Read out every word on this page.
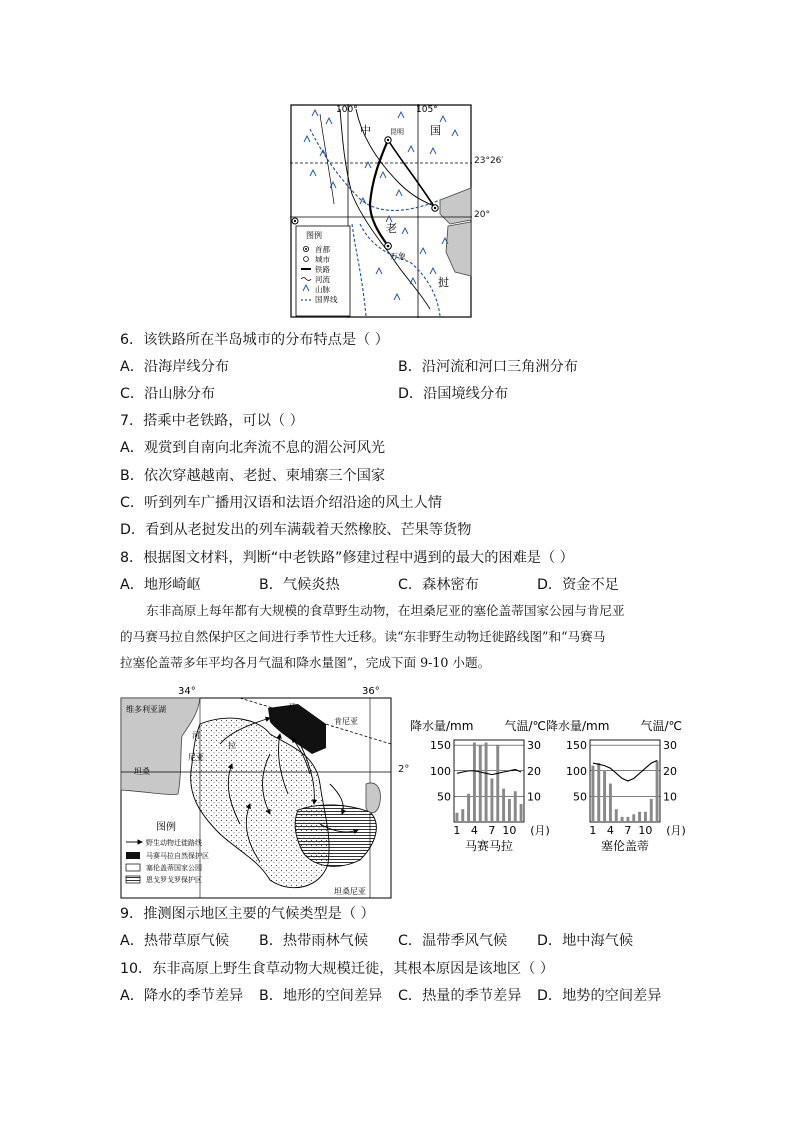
100°	105°
中	国
昆明
老
万象
挝
图例
首都
城市
铁路
河流
山脉
国界线
23°26′
20°
6．该铁路所在半岛城市的分布特点是（ ）
A．沿海岸线分布	B．沿河流和河口三角洲分布
C．沿山脉分布	D．沿国境线分布
7．搭乘中老铁路，可以（ ）
A．观赏到自南向北奔流不息的湄公河风光
B．依次穿越越南、老挝、柬埔寨三个国家
C．听到列车广播用汉语和法语介绍沿途的风土人情
D．看到从老挝发出的列车满载着天然橡胶、芒果等货物
8．根据图文材料，判断“中老铁路”修建过程中遇到的最大的困难是（ ）
A．地形崎岖	B．气候炎热	C．森林密布	D．资金不足
东非高原上每年都有大规模的食草野生动物，在坦桑尼亚的塞伦盖蒂国家公园与肯尼亚
的马赛马拉自然保护区之间进行季节性大迁移。读“东非野生动物迁徙路线图”和“马赛马
拉塞伦盖蒂多年平均各月气温和降水量图”，完成下面 9-10 小题。
34°	36°
维多利亚湖
肯尼亚
马
河
拉
尼亚
坦桑
坦桑尼亚
图例
野生动物迁徙路线
马赛马拉自然保护区
塞伦盖蒂国家公园
恩戈罗戈罗保护区
2°
降水量/mm	气温/℃
50
100
150
10
20
30
1 4 7 10 (月)
马赛马拉
降水量/mm	气温/℃
50
100
150
10
20
30
1 4 7 10 (月)
塞伦盖蒂
9．推测图示地区主要的气候类型是（ ）
A．热带草原气候 B．热带雨林气候 C．温带季风气候 D．地中海气候
10．东非高原上野生食草动物大规模迁徙，其根本原因是该地区（ ）
A．降水的季节差异 B．地形的空间差异 C．热量的季节差异 D．地势的空间差异
